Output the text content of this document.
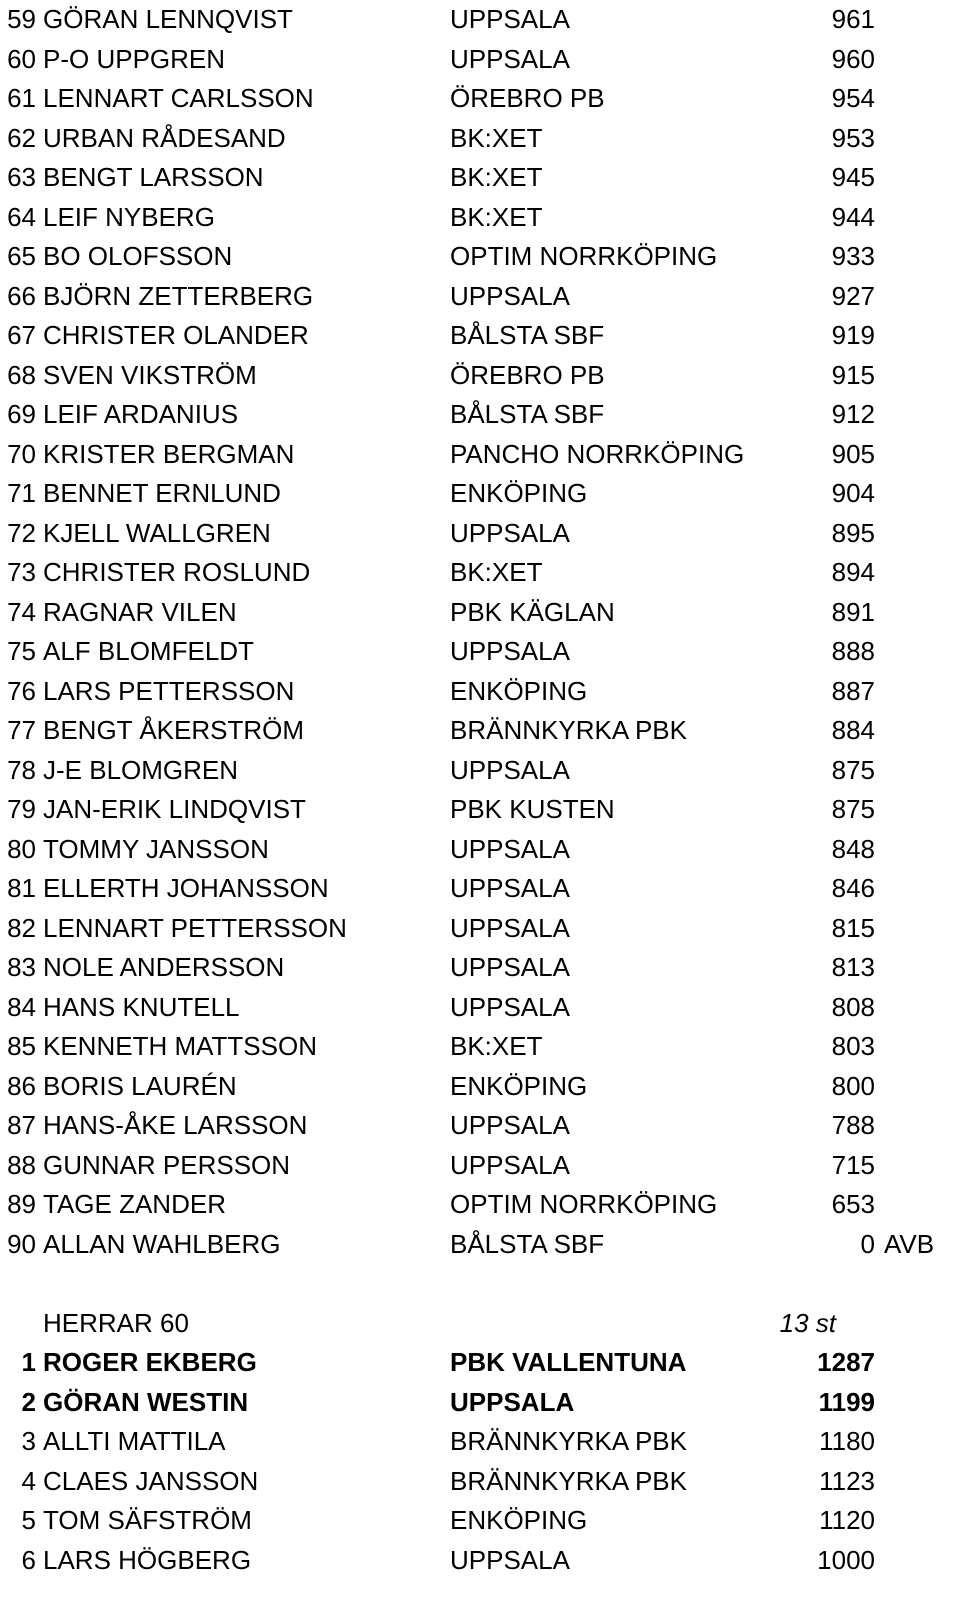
59 GÖRAN LENNQVIST	UPPSALA	961
60 P-O UPPGREN	UPPSALA	960
61 LENNART CARLSSON	ÖREBRO PB	954
62 URBAN RÅDESAND	BK:XET	953
63 BENGT LARSSON	BK:XET	945
64 LEIF NYBERG	BK:XET	944
65 BO OLOFSSON	OPTIM NORRKÖPING	933
66 BJÖRN ZETTERBERG	UPPSALA	927
67 CHRISTER OLANDER	BÅLSTA SBF	919
68 SVEN VIKSTRÖM	ÖREBRO PB	915
69 LEIF ARDANIUS	BÅLSTA SBF	912
70 KRISTER BERGMAN	PANCHO NORRKÖPING	905
71 BENNET ERNLUND	ENKÖPING	904
72 KJELL WALLGREN	UPPSALA	895
73 CHRISTER ROSLUND	BK:XET	894
74 RAGNAR VILEN	PBK KÄGLAN	891
75 ALF BLOMFELDT	UPPSALA	888
76 LARS PETTERSSON	ENKÖPING	887
77 BENGT ÅKERSTRÖM	BRÄNNKYRKA PBK	884
78 J-E BLOMGREN	UPPSALA	875
79 JAN-ERIK LINDQVIST	PBK KUSTEN	875
80 TOMMY JANSSON	UPPSALA	848
81 ELLERTH JOHANSSON	UPPSALA	846
82 LENNART PETTERSSON	UPPSALA	815
83 NOLE ANDERSSON	UPPSALA	813
84 HANS KNUTELL	UPPSALA	808
85 KENNETH MATTSSON	BK:XET	803
86 BORIS LAURÉN	ENKÖPING	800
87 HANS-ÅKE LARSSON	UPPSALA	788
88 GUNNAR PERSSON	UPPSALA	715
89 TAGE ZANDER	OPTIM NORRKÖPING	653
90 ALLAN WAHLBERG	BÅLSTA SBF	0 AVB
HERRAR 60	13 st
1 ROGER EKBERG	PBK VALLENTUNA	1287
2 GÖRAN WESTIN	UPPSALA	1199
3 ALLTI MATTILA	BRÄNNKYRKA PBK	1180
4 CLAES JANSSON	BRÄNNKYRKA PBK	1123
5 TOM SÄFSTRÖM	ENKÖPING	1120
6 LARS HÖGBERG	UPPSALA	1000
